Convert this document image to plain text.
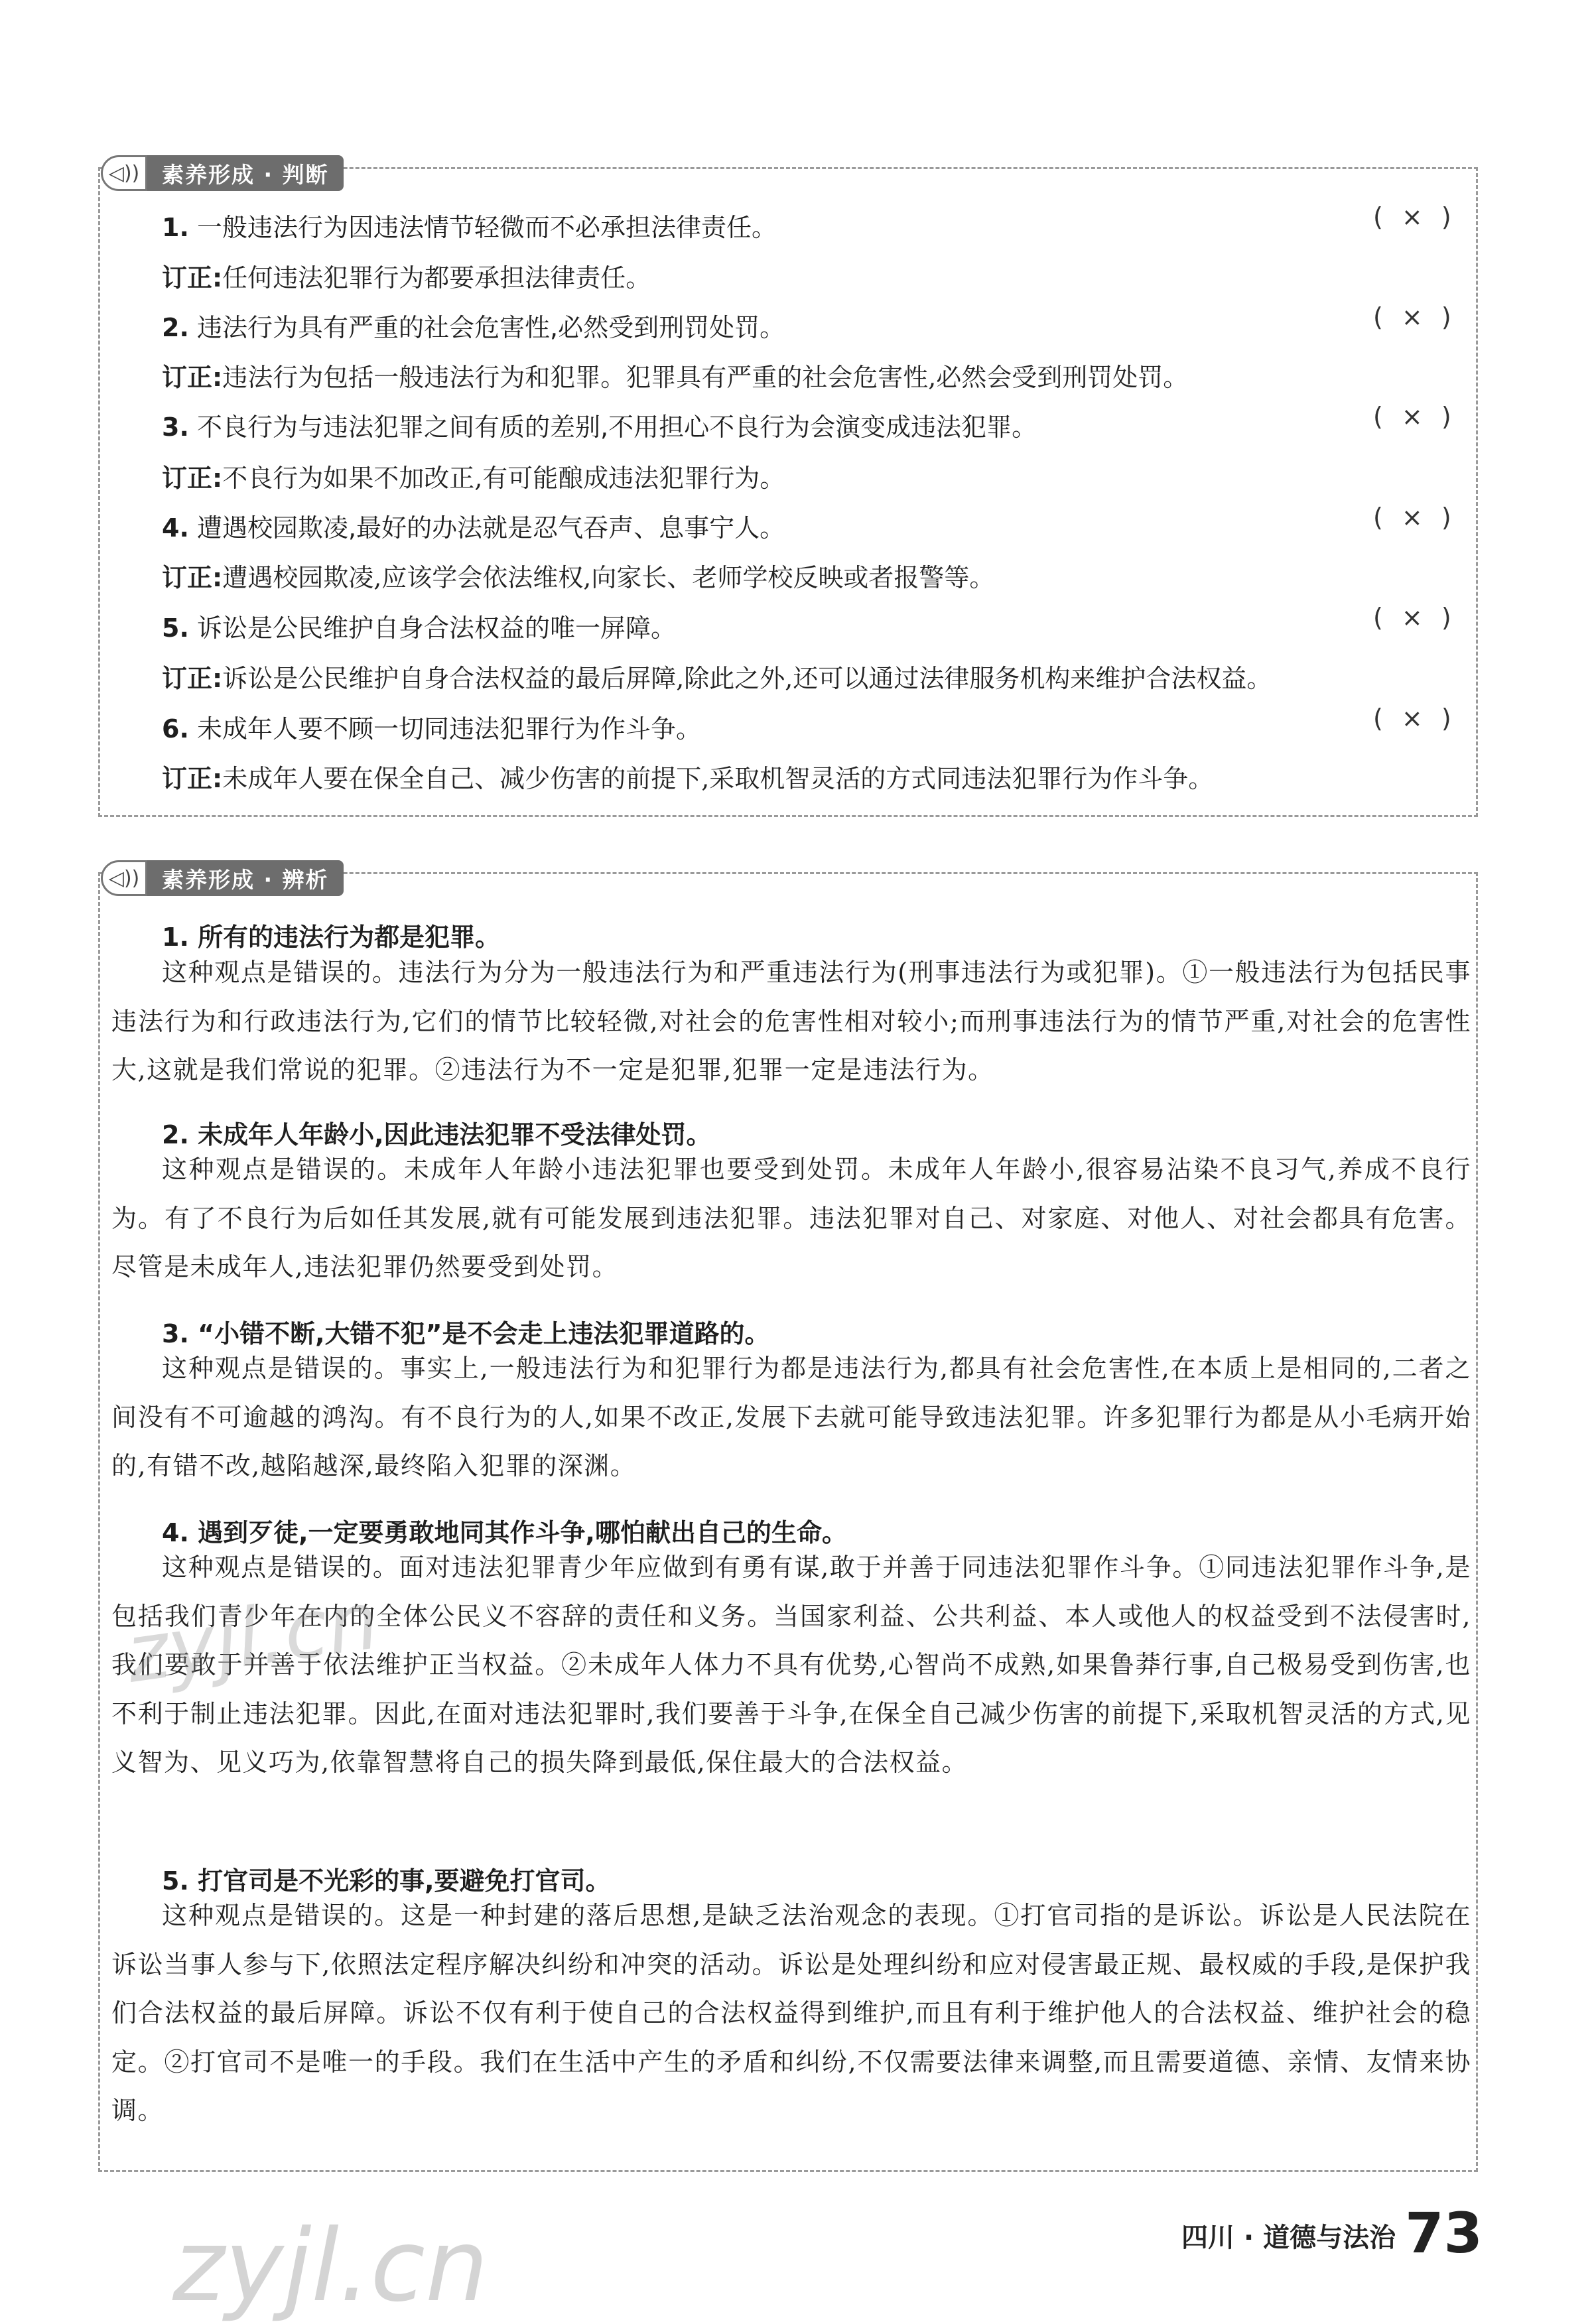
◁))	素养形成 · 判断
1. 一般违法行为因违法情节轻微而不必承担法律责任。	( × )
订正:任何违法犯罪行为都要承担法律责任。
2. 违法行为具有严重的社会危害性,必然受到刑罚处罚。	( × )
订正:违法行为包括一般违法行为和犯罪。犯罪具有严重的社会危害性,必然会受到刑罚处罚。
3. 不良行为与违法犯罪之间有质的差别,不用担心不良行为会演变成违法犯罪。	( × )
订正:不良行为如果不加改正,有可能酿成违法犯罪行为。
4. 遭遇校园欺凌,最好的办法就是忍气吞声、息事宁人。	( × )
订正:遭遇校园欺凌,应该学会依法维权,向家长、老师学校反映或者报警等。
5. 诉讼是公民维护自身合法权益的唯一屏障。	( × )
订正:诉讼是公民维护自身合法权益的最后屏障,除此之外,还可以通过法律服务机构来维护合法权益。
6. 未成年人要不顾一切同违法犯罪行为作斗争。	( × )
订正:未成年人要在保全自己、减少伤害的前提下,采取机智灵活的方式同违法犯罪行为作斗争。
◁))	素养形成 · 辨析
1. 所有的违法行为都是犯罪。
这种观点是错误的。违法行为分为一般违法行为和严重违法行为(刑事违法行为或犯罪)。①一般违法行为包括民事违法行为和行政违法行为,它们的情节比较轻微,对社会的危害性相对较小;而刑事违法行为的情节严重,对社会的危害性大,这就是我们常说的犯罪。②违法行为不一定是犯罪,犯罪一定是违法行为。
2. 未成年人年龄小,因此违法犯罪不受法律处罚。
这种观点是错误的。未成年人年龄小违法犯罪也要受到处罚。未成年人年龄小,很容易沾染不良习气,养成不良行为。有了不良行为后如任其发展,就有可能发展到违法犯罪。违法犯罪对自己、对家庭、对他人、对社会都具有危害。尽管是未成年人,违法犯罪仍然要受到处罚。
3. “小错不断,大错不犯”是不会走上违法犯罪道路的。
这种观点是错误的。事实上,一般违法行为和犯罪行为都是违法行为,都具有社会危害性,在本质上是相同的,二者之间没有不可逾越的鸿沟。有不良行为的人,如果不改正,发展下去就可能导致违法犯罪。许多犯罪行为都是从小毛病开始的,有错不改,越陷越深,最终陷入犯罪的深渊。
4. 遇到歹徒,一定要勇敢地同其作斗争,哪怕献出自己的生命。
这种观点是错误的。面对违法犯罪青少年应做到有勇有谋,敢于并善于同违法犯罪作斗争。①同违法犯罪作斗争,是包括我们青少年在内的全体公民义不容辞的责任和义务。当国家利益、公共利益、本人或他人的权益受到不法侵害时,我们要敢于并善于依法维护正当权益。②未成年人体力不具有优势,心智尚不成熟,如果鲁莽行事,自己极易受到伤害,也不利于制止违法犯罪。因此,在面对违法犯罪时,我们要善于斗争,在保全自己减少伤害的前提下,采取机智灵活的方式,见义智为、见义巧为,依靠智慧将自己的损失降到最低,保住最大的合法权益。
5. 打官司是不光彩的事,要避免打官司。
这种观点是错误的。这是一种封建的落后思想,是缺乏法治观念的表现。①打官司指的是诉讼。诉讼是人民法院在诉讼当事人参与下,依照法定程序解决纠纷和冲突的活动。诉讼是处理纠纷和应对侵害最正规、最权威的手段,是保护我们合法权益的最后屏障。诉讼不仅有利于使自己的合法权益得到维护,而且有利于维护他人的合法权益、维护社会的稳定。②打官司不是唯一的手段。我们在生活中产生的矛盾和纠纷,不仅需要法律来调整,而且需要道德、亲情、友情来协调。
zyjl.cn
zyjl.cn	四川 · 道德与法治 73
